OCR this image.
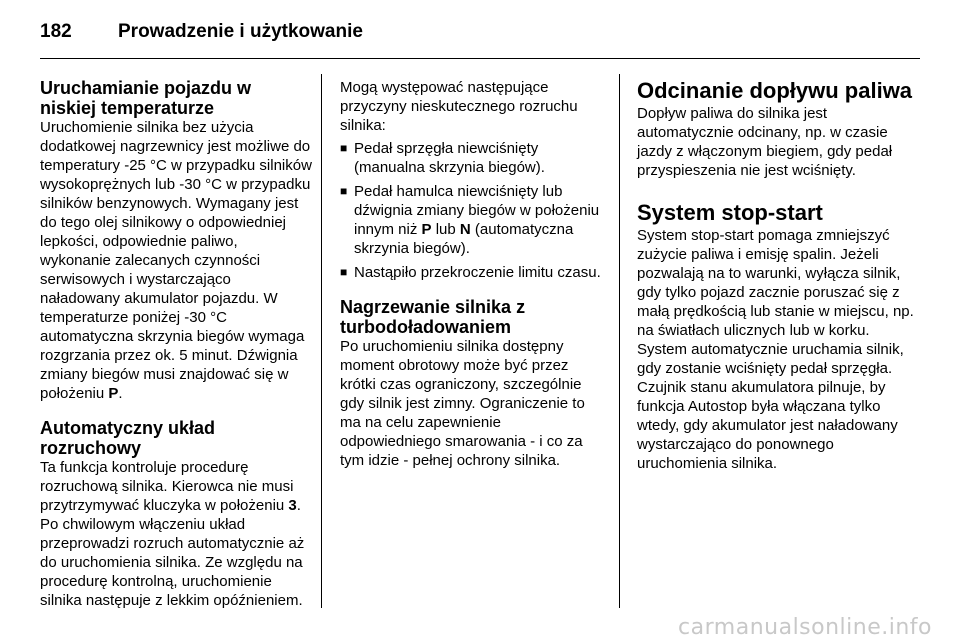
182 Prowadzenie i użytkowanie
Uruchamianie pojazdu w niskiej temperaturze

Uruchomienie silnika bez użycia dodatkowej nagrzewnicy jest możliwe do temperatury -25 °C w przypadku silników wysokoprężnych lub -30 °C w przypadku silników benzynowych. Wymagany jest do tego olej silnikowy o odpowiedniej lepkości, odpowiednie paliwo, wykonanie zalecanych czynności serwisowych i wystarczająco naładowany akumulator pojazdu. W temperaturze poniżej -30 °C automatyczna skrzynia biegów wymaga rozgrzania przez ok. 5 minut. Dźwignia zmiany biegów musi znajdować się w położeniu P.

Automatyczny układ rozruchowy

Ta funkcja kontroluje procedurę rozruchową silnika. Kierowca nie musi przytrzymywać kluczyka w położeniu 3. Po chwilowym włączeniu układ przeprowadzi rozruch automatycznie aż do uruchomienia silnika. Ze względu na procedurę kontrolną, uruchomienie silnika następuje z lekkim opóźnieniem.

Mogą występować następujące przyczyny nieskutecznego rozruchu silnika:

■ Pedał sprzęgła niewciśnięty (manualna skrzynia biegów).
■ Pedał hamulca niewciśnięty lub dźwignia zmiany biegów w położeniu innym niż P lub N (automatyczna skrzynia biegów).
■ Nastąpiło przekroczenie limitu czasu.
Nagrzewanie silnika z turbodoładowaniem

Po uruchomieniu silnika dostępny moment obrotowy może być przez krótki czas ograniczony, szczególnie gdy silnik jest zimny. Ograniczenie to ma na celu zapewnienie odpowiedniego smarowania - i co za tym idzie - pełnej ochrony silnika.

Odcinanie dopływu paliwa

Dopływ paliwa do silnika jest automatycznie odcinany, np. w czasie jazdy z włączonym biegiem, gdy pedał przyspieszenia nie jest wciśnięty.

System stop-start

System stop-start pomaga zmniejszyć zużycie paliwa i emisję spalin. Jeżeli pozwalają na to warunki, wyłącza silnik, gdy tylko pojazd zacznie poruszać się z małą prędkością lub stanie w miejscu, np. na światłach ulicznych lub w korku. System automatycznie uruchamia silnik, gdy zostanie wciśnięty pedał sprzęgła. Czujnik stanu akumulatora pilnuje, by funkcja Autostop była włączana tylko wtedy, gdy akumulator jest naładowany wystarczająco do ponownego uruchomienia silnika.

carmanualsonline.info
